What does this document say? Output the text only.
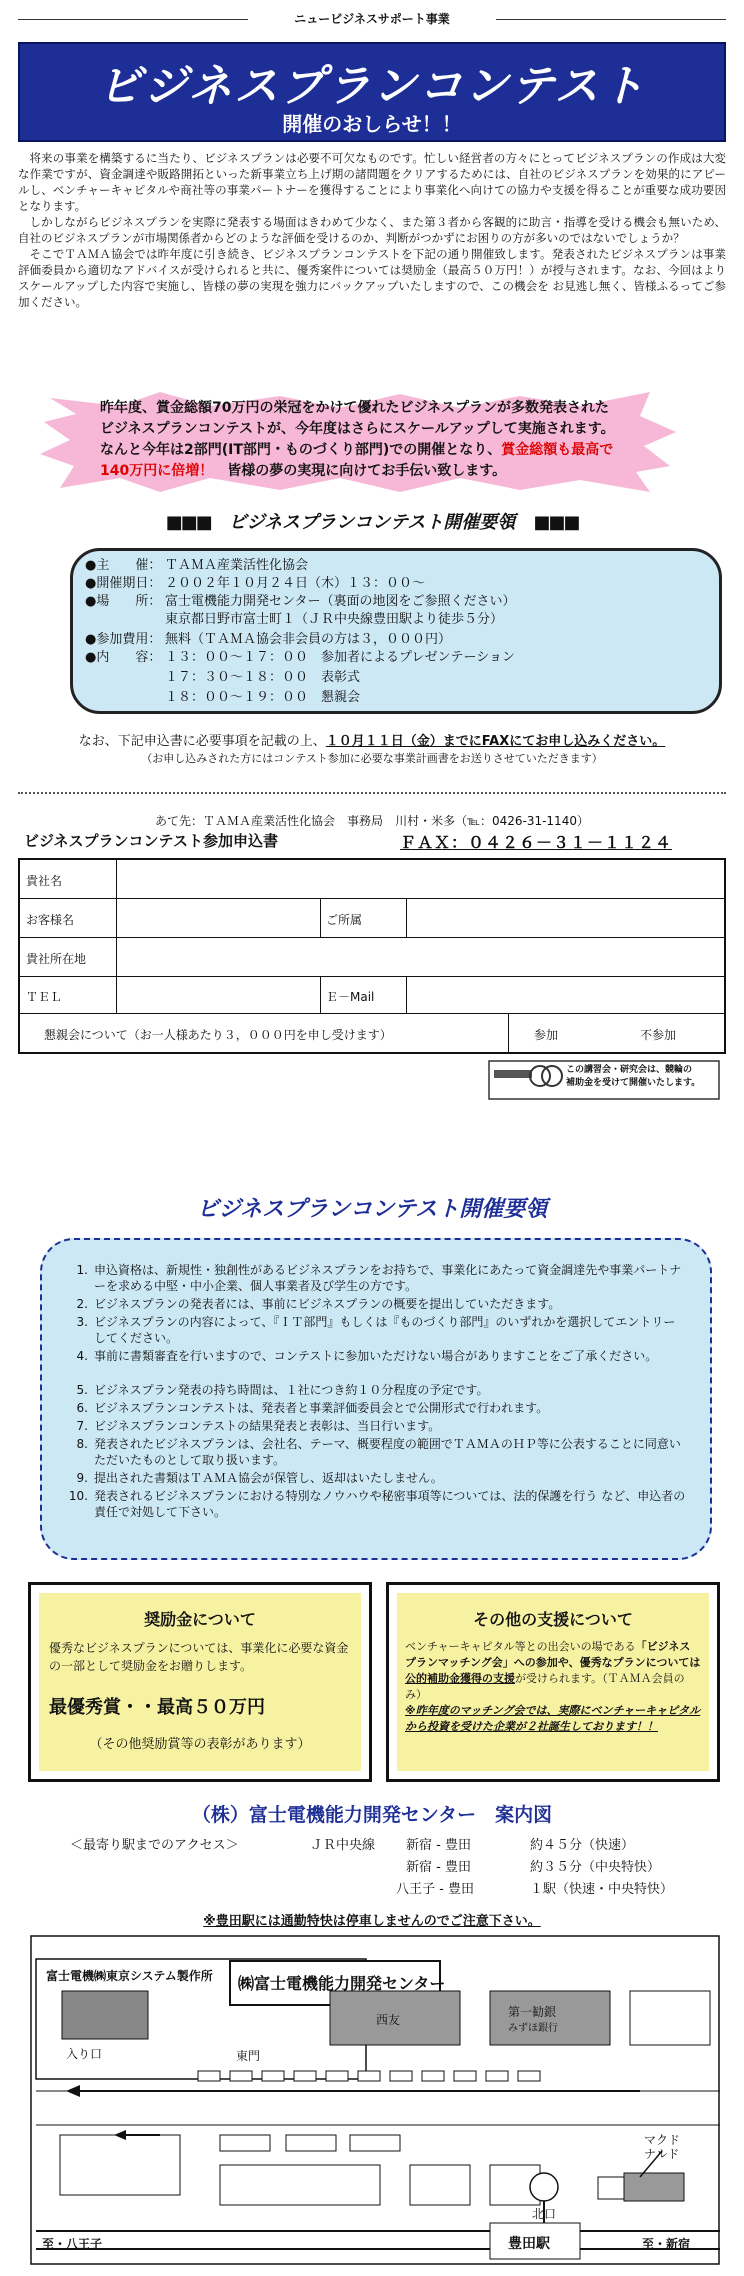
ニュービジネスサポート事業
ビジネスプランコンテスト
開催のおしらせ！！

将来の事業を構築するに当たり、ビジネスプランは必要不可欠なものです。忙しい経営者の方々にとってビジネスプランの作成は大変な作業ですが、資金調達や販路開拓といった新事業立ち上げ期の諸問題をクリアするためには、自社のビジネスプランを効果的にアピールし、ベンチャーキャピタルや商社等の事業パートナーを獲得することにより事業化へ向けての協力や支援を得ることが重要な成功要因となります。

しかしながらビジネスプランを実際に発表する場面はきわめて少なく、また第３者から客観的に助言・指導を受ける機会も無いため、自社のビジネスプランが市場関係者からどのような評価を受けるのか、判断がつかずにお困りの方が多いのではないでしょうか？

そこでＴＡＭＡ協会では昨年度に引き続き、ビジネスプランコンテストを下記の通り開催致します。発表されたビジネスプランは事業評価委員から適切なアドバイスが受けられると共に、優秀案件については奨励金（最高５０万円！）が授与されます。なお、今回はよりスケールアップした内容で実施し、皆様の夢の実現を強力にバックアップいたしますので、この機会を お見逃し無く、皆様ふるってご参加ください。

昨年度、賞金総額70万円の栄冠をかけて優れたビジネスプランが多数発表された
ビジネスプランコンテストが、今年度はさらにスケールアップして実施されます。
なんと今年は2部門(IT部門・ものづくり部門)での開催となり、賞金総額も最高で
140万円に倍増！　 皆様の夢の実現に向けてお手伝い致します。
■■■ ビジネスプランコンテスト開催要領 ■■■
●主　　催： ＴＡＭＡ産業活性化協会
●開催期日： ２００２年１０月２４日（木）１３：００～
●場　　所： 富士電機能力開発センター（裏面の地図をご参照ください）
東京都日野市富士町１（ＪＲ中央線豊田駅より徒歩５分）
●参加費用： 無料（ＴＡＭＡ協会非会員の方は３，０００円）
●内　　容： １３：００～１７：００　参加者によるプレゼンテーション
１７：３０～１８：００　表彰式
１８：００～１９：００　懇親会
なお、下記申込書に必要事項を記載の上、１０月１１日（金）までにFAXにてお申し込みください。
（お申し込みされた方にはコンテスト参加に必要な事業計画書をお送りさせていただきます）
あて先：ＴＡＭＡ産業活性化協会　事務局　 川村・米多（℡：0426-31-1140）
ビジネスプランコンテスト参加申込書	ＦＡＸ：０４２６－３１－１１２４
貴社名
お客様名	ご所属
貴社所在地
ＴＥＬ	Ｅ－Mail
懇親会について（お一人様あたり３，０００円を申し受けます）	参加	不参加
この講習会・研究会は、競輪の
補助金を受けて開催いたします。
ビジネスプランコンテスト開催要領
1. 申込資格は、新規性・独創性があるビジネスプランをお持ちで、事業化にあたって資金調達先や事業パートナーを求める中堅・中小企業、個人事業者及び学生の方です。
2. ビジネスプランの発表者には、事前にビジネスプランの概要を提出していただきます。
3. ビジネスプランの内容によって、『ＩＴ部門』もしくは『ものづくり部門』のいずれかを選択してエントリーしてください。
4. 事前に書類審査を行いますので、コンテストに参加いただけない場合がありますことをご了承ください。
5. ビジネスプラン発表の持ち時間は、１社につき約１０分程度の予定です。
6. ビジネスプランコンテストは、発表者と事業評価委員会とで公開形式で行われます。
7. ビジネスプランコンテストの結果発表と表彰は、当日行います。
8. 発表されたビジネスプランは、会社名、テーマ、概要程度の範囲でＴＡＭＡのＨＰ等に公表することに同意いただいたものとして取り扱います。
9. 提出された書類はＴＡＭＡ協会が保管し、返却はいたしません。
10. 発表されるビジネスプランにおける特別なノウハウや秘密事項等については、法的保護を行う など、申込者の責任で対処して下さい。
奨励金について
優秀なビジネスプランについては、事業化に必要な資金の一部として奨励金をお贈りします。
最優秀賞・・最高５０万円
（その他奨励賞等の表彰があります）
その他の支援について
ベンチャーキャピタル等との出会いの場である「ビジネスプランマッチング会」への参加や、優秀なプランについては公的補助金獲得の支援が受けられます。（ＴＡＭＡ会員のみ）
※昨年度のマッチング会では、実際にベンチャーキャピタルから投資を受けた企業が２社誕生しております！！
（株）富士電機能力開発センター　案内図
＜最寄り駅までのアクセス＞	ＪＲ中央線 新宿 - 豊田	約４５分（快速）
新宿 - 豊田	約３５分（中央特快）
八王子 - 豊田	１駅（快速・中央特快）
※豊田駅には通勤特快は停車しませんのでご注意下さい。
富士電機㈱東京システム製作所 ㈱富士電機能力開発センター
入り口	東門
西友
第一勧銀
みずほ銀行
マクド
ナルド
北口
豊田駅
至・八王子	至・新宿
